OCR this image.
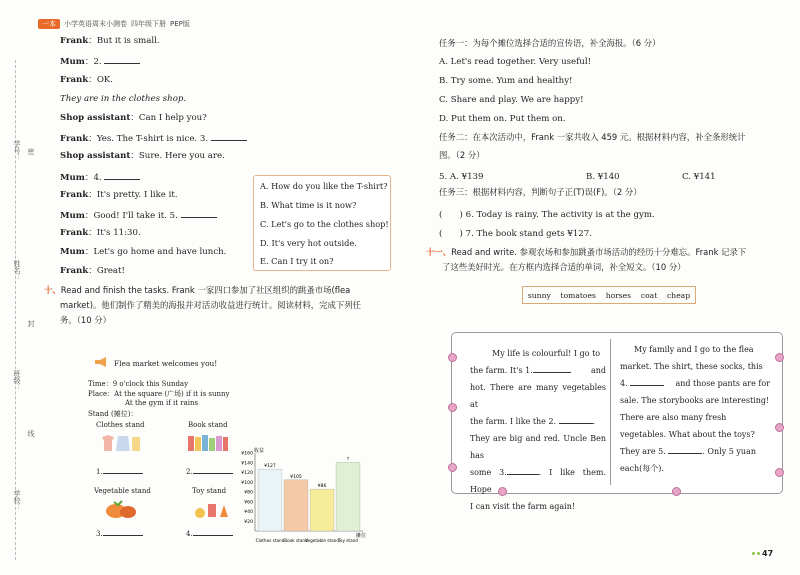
一本	小学英语周末小测卷 四年级下册 PEP版
学号： 密
姓名：
封
班级：
线
学校：
Frank：But it is small.
Mum：2.
Frank：OK.
They are in the clothes shop.
Shop assistant：Can I help you?
Frank：Yes. The T-shirt is nice. 3.
Shop assistant：Sure. Here you are.
Mum：4.
Frank：It's pretty. I like it.
Mum：Good! I'll take it. 5.
Frank：It's 11:30.
Mum：Let's go home and have lunch.
Frank：Great!
A. How do you like the T-shirt?
B. What time is it now?
C. Let's go to the clothes shop!
D. It's very hot outside.
E. Can I try it on?
十、Read and finish the tasks. Frank 一家四口参加了社区组织的跳蚤市场(flea
market)。他们制作了精美的海报并对活动收益进行统计。阅读材料，完成下列任
务。（10 分）
Flea market welcomes you!
Time：9 o'clock this Sunday
Place：At the square (广场) if it is sunny
At the gym if it rains
Stand (摊位)：
Clothes stand
1.
Book stand
2.
Vegetable stand
3.
Toy stand
4.
收益
摊位
¥20
¥40
¥60
¥80
¥100
¥120
¥140
¥160
¥127
¥105
¥86
?
Clothes stand Book stand
Vegetable stand Toy stand
任务一：为每个摊位选择合适的宣传语，补全海报。（6 分）
A. Let's read together. Very useful!
B. Try some. Yum and healthy!
C. Share and play. We are happy!
D. Put them on. Put them on.
任务二：在本次活动中，Frank 一家共收入 459 元。根据材料内容，补全条形统计
图。（2 分）
5. A. ¥139	B. ¥140	C. ¥141
任务三：根据材料内容，判断句子正(T)误(F)。（2 分）
(　　) 6. Today is rainy. The activity is at the gym.
(　　) 7. The book stand gets ¥127.
十一、Read and write. 参观农场和参加跳蚤市场活动的经历十分难忘。Frank 记录下
了这些美好时光。在方框内选择合适的单词，补全短文。（10 分）
sunny tomatoes horses coat cheap
My life is colourful! I go to
the farm. It's 1.	and
hot. There are many vegetables at
the farm. I like the 2.	.
They are big and red. Uncle Ben has
some 3.	. I like them. Hope
I can visit the farm again!
My family and I go to the flea
market. The shirt, these socks, this
4.	and those pants are for
sale. The storybooks are interesting!
There are also many fresh
vegetables. What about the toys?
They are 5.	. Only 5 yuan
each(每个).
47
